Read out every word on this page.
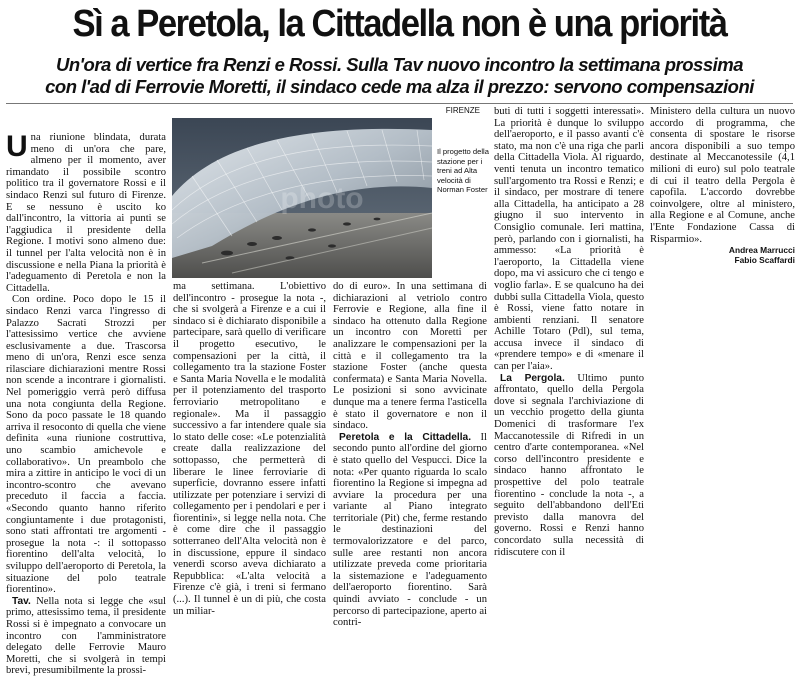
Sì a Peretola, la Cittadella non è una priorità
Un'ora di vertice fra Renzi e Rossi. Sulla Tav nuovo incontro la settimana prossima
con l'ad di Ferrovie Moretti, il sindaco cede ma alza il prezzo: servono compensazioni
FIRENZE

Una riunione blindata, durata meno di un'ora che pare, almeno per il momento, aver rimandato il possibile scontro politico tra il governatore Rossi e il sindaco Renzi sul futuro di Firenze. E se nessuno è uscito ko dall'incontro, la vittoria ai punti se l'aggiudica il presidente della Regione. I motivi sono almeno due: il tunnel per l'alta velocità non è in discussione e nella Piana la priorità è l'adeguamento di Peretola e non la Cittadella.

Con ordine. Poco dopo le 15 il sindaco Renzi varca l'ingresso di Palazzo Sacrati Strozzi per l'attesissimo vertice che avviene esclusivamente a due. Trascorsa meno di un'ora, Renzi esce senza rilasciare dichiarazioni mentre Rossi non scende a incontrare i giornalisti. Nel pomeriggio verrà però diffusa una nota congiunta della Regione. Sono da poco passate le 18 quando arriva il resoconto di quella che viene definita «una riunione costruttiva, uno scambio amichevole e collaborativo». Un preambolo che mira a zittire in anticipo le voci di un incontro-scontro che avevano preceduto il faccia a faccia. «Secondo quanto hanno riferito congiuntamente i due protagonisti, sono stati affrontati tre argomenti - prosegue la nota -: il sottopasso fiorentino dell'alta velocità, lo sviluppo dell'aeroporto di Peretola, la situazione del polo teatrale fiorentino».

Tav. Nella nota si legge che «sul primo, attesissimo tema, il presidente Rossi si è impegnato a convocare un incontro con l'amministratore delegato delle Ferrovie Mauro Moretti, che si svolgerà in tempi brevi, presumibilmente la prossi-

photo
Il progetto della stazione per i treni ad Alta velocità di Norman Foster

ma settimana. L'obiettivo dell'incontro - prosegue la nota -, che si svolgerà a Firenze e a cui il sindaco si è dichiarato disponibile a partecipare, sarà quello di verificare il progetto esecutivo, le compensazioni per la città, il collegamento tra la stazione Foster e Santa Maria Novella e le modalità per il potenziamento del trasporto ferroviario metropolitano e regionale». Ma il passaggio successivo a far intendere quale sia lo stato delle cose: «Le potenzialità create dalla realizzazione del sottopasso, che permetterà di liberare le linee ferroviarie di superficie, dovranno essere infatti utilizzate per potenziare i servizi di collegamento per i pendolari e per i fiorentini», si legge nella nota. Che è come dire che il passaggio sotterraneo dell'Alta velocità non è in discussione, eppure il sindaco venerdì scorso aveva dichiarato a Repubblica: «L'alta velocità a Firenze c'è già, i treni si fermano (...). Il tunnel è un di più, che costa un miliar-

do di euro». In una settimana di dichiarazioni al vetriolo contro Ferrovie e Regione, alla fine il sindaco ha ottenuto dalla Regione un incontro con Moretti per analizzare le compensazioni per la città e il collegamento tra la stazione Foster (anche questa confermata) e Santa Maria Novella. Le posizioni si sono avvicinate dunque ma a tenere ferma l'asticella è stato il governatore e non il sindaco.

Peretola e la Cittadella. Il secondo punto all'ordine del giorno è stato quello del Vespucci. Dice la nota: «Per quanto riguarda lo scalo fiorentino la Regione si impegna ad avviare la procedura per una variante al Piano integrato territoriale (Pit) che, ferme restando le destinazioni del termovalorizzatore e del parco, sulle aree restanti non ancora utilizzate preveda come prioritaria la sistemazione e l'adeguamento dell'aeroporto fiorentino. Sarà quindi avviato - conclude - un percorso di partecipazione, aperto ai contri-

buti di tutti i soggetti interessati». La priorità è dunque lo sviluppo dell'aeroporto, e il passo avanti c'è stato, ma non c'è una riga che parli della Cittadella Viola. Al riguardo, venti tenuta un incontro tematico sull'argomento tra Rossi e Renzi; e il sindaco, per mostrare di tenere alla Cittadella, ha anticipato a 28 giugno il suo intervento in Consiglio comunale. Ieri mattina, però, parlando con i giornalisti, ha ammesso: «La priorità è l'aeroporto, la Cittadella viene dopo, ma vi assicuro che ci tengo e voglio farla». E se qualcuno ha dei dubbi sulla Cittadella Viola, questo è Rossi, viene fatto notare in ambienti renziani. Il senatore Achille Totaro (Pdl), sul tema, accusa invece il sindaco di «prendere tempo» e di «menare il can per l'aia».

La Pergola. Ultimo punto affrontato, quello della Pergola dove si segnala l'archiviazione di un vecchio progetto della giunta Domenici di trasformare l'ex Maccanotessile di Rifredi in un centro d'arte contemporanea. «Nel corso dell'incontro presidente e sindaco hanno affrontato le prospettive del polo teatrale fiorentino - conclude la nota -, a seguito dell'abbandono dell'Eti previsto dalla manovra del governo. Rossi e Renzi hanno concordato sulla necessità di ridiscutere con il

Ministero della cultura un nuovo accordo di programma, che consenta di spostare le risorse ancora disponibili a suo tempo destinate al Meccanotessile (4,1 milioni di euro) sul polo teatrale di cui il teatro della Pergola è capofila. L'accordo dovrebbe coinvolgere, oltre al ministero, alla Regione e al Comune, anche l'Ente Fondazione Cassa di Risparmio».

Andrea Marrucci
Fabio Scaffardi
